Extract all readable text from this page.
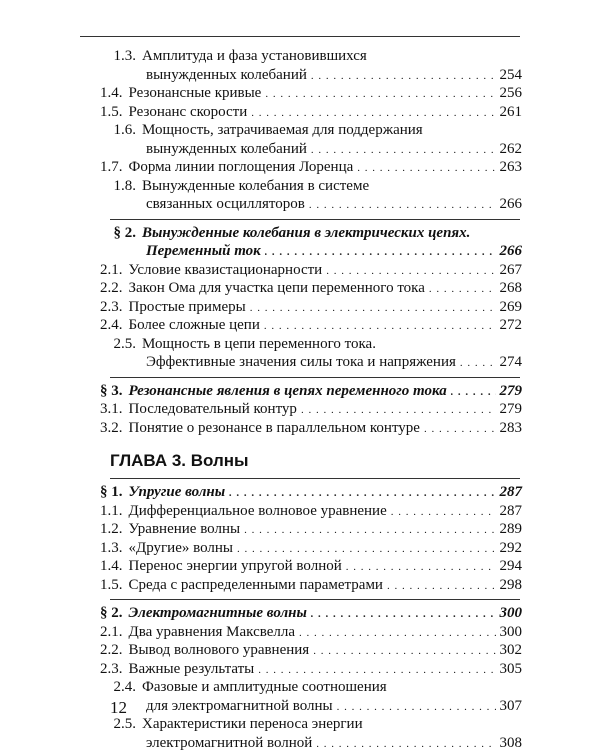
1.3. Амплитуда и фаза установившихся
вынужденных колебаний . . .	254
1.4. Резонансные кривые . . .	256
1.5. Резонанс скорости . . .	261
1.6. Мощность, затрачиваемая для поддержания
вынужденных колебаний . . .	262
1.7. Форма линии поглощения Лоренца . . .	263
1.8. Вынужденные колебания в системе
связанных осцилляторов . . .	266
§ 2. Вынужденные колебания в электрических цепях.
Переменный ток . . .	266
2.1. Условие квазистационарности . . .	267
2.2. Закон Ома для участка цепи переменного тока . . .	268
2.3. Простые примеры . . .	269
2.4. Более сложные цепи . . .	272
2.5. Мощность в цепи переменного тока.
Эффективные значения силы тока и напряжения . . .	274
§ 3. Резонансные явления в цепях переменного тока . . .	279
3.1. Последовательный контур . . .	279
3.2. Понятие о резонансе в параллельном контуре . . .	283
§ 1. Упругие волны . . .	287
1.1. Дифференциальное волновое уравнение . . .	287
1.2. Уравнение волны . . .	289
1.3. «Другие» волны . . .	292
1.4. Перенос энергии упругой волной . . .	294
1.5. Среда с распределенными параметрами . . .	298
§ 2. Электромагнитные волны . . .	300
2.1. Два уравнения Максвелла . . .	300
2.2. Вывод волнового уравнения . . .	302
2.3. Важные результаты . . .	305
2.4. Фазовые и амплитудные соотношения
для электромагнитной волны . . .	307
2.5. Характеристики переноса энергии
электромагнитной волной . . .	308
ГЛАВА 3. Волны
12
